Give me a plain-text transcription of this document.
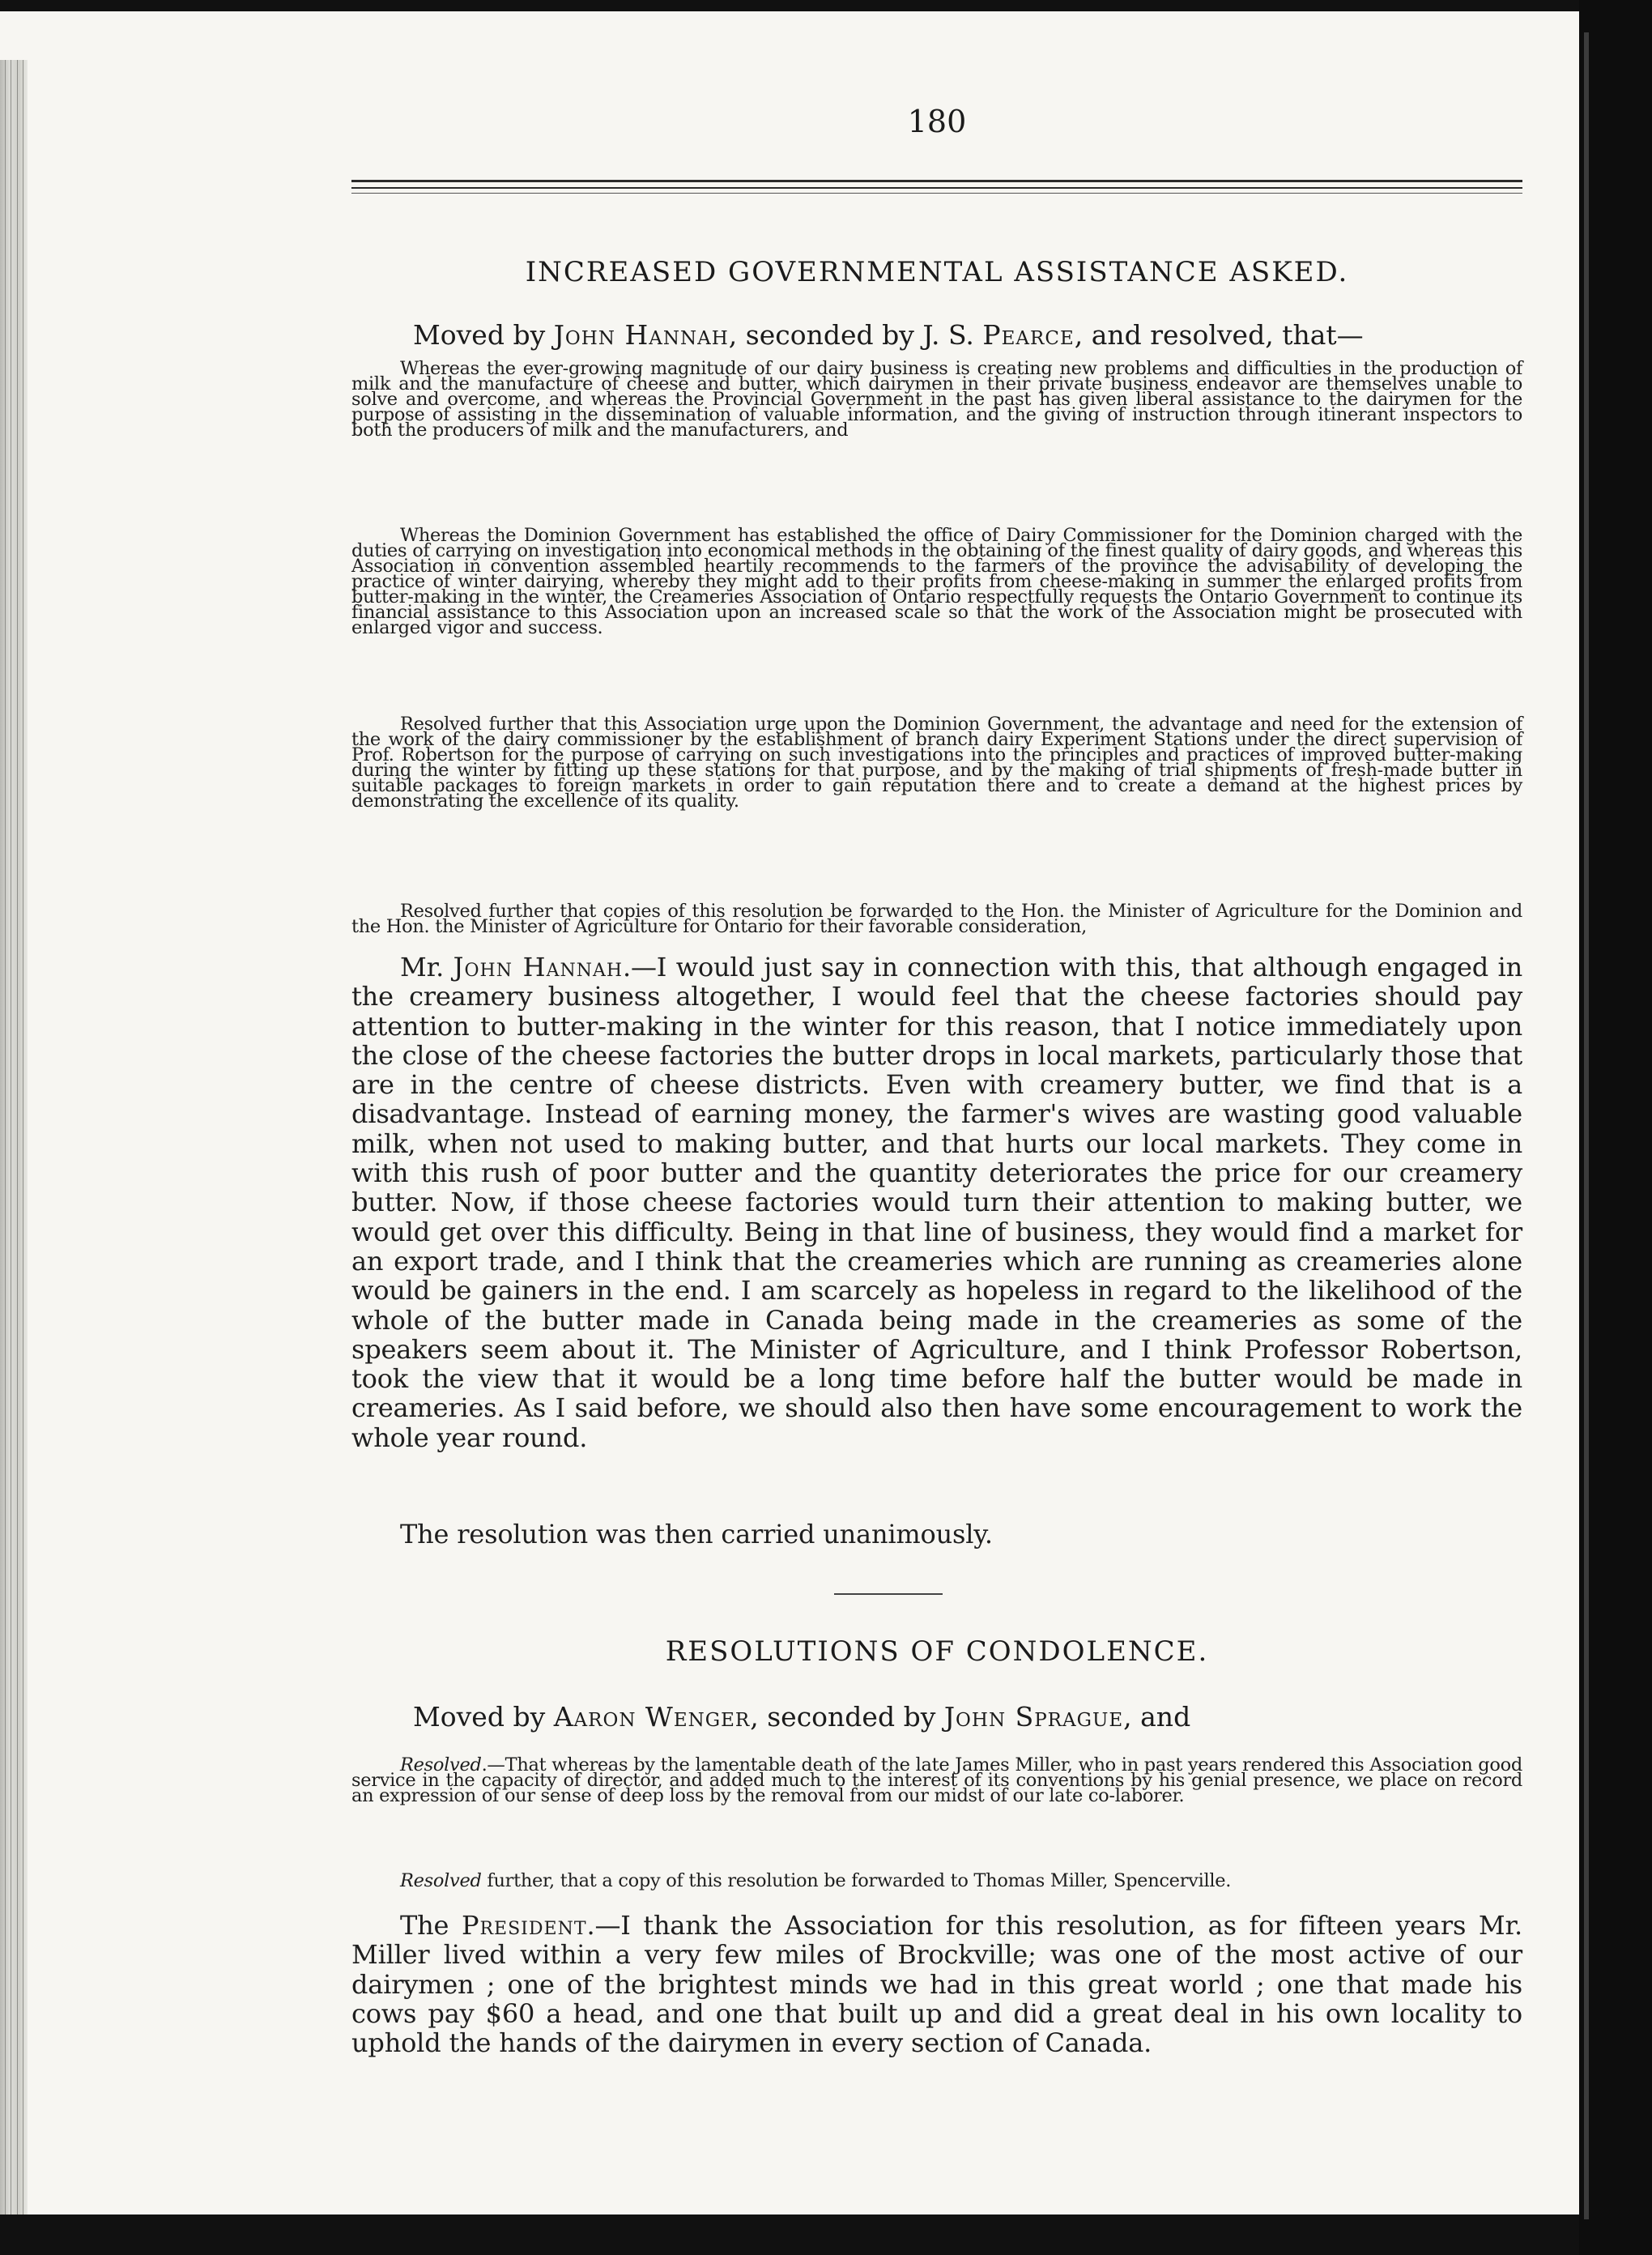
180
INCREASED GOVERNMENTAL ASSISTANCE ASKED.
Moved by John Hannah, seconded by J. S. Pearce, and resolved, that—

Whereas the ever-growing magnitude of our dairy business is creating new problems and difficulties in the production of milk and the manufacture of cheese and butter, which dairymen in their private business endeavor are themselves unable to solve and overcome, and whereas the Provincial Government in the past has given liberal assistance to the dairymen for the purpose of assisting in the dissemination of valuable information, and the giving of instruction through itinerant inspectors to both the producers of milk and the manufacturers, and

Whereas the Dominion Government has established the office of Dairy Commissioner for the Dominion charged with the duties of carrying on investigation into economical methods in the obtaining of the finest quality of dairy goods, and whereas this Association in convention assembled heartily recommends to the farmers of the province the advisability of developing the practice of winter dairying, whereby they might add to their profits from cheese-making in summer the enlarged profits from butter-making in the winter, the Creameries Association of Ontario respectfully requests the Ontario Government to continue its financial assistance to this Association upon an increased scale so that the work of the Association might be prosecuted with enlarged vigor and success.

Resolved further that this Association urge upon the Dominion Government, the advantage and need for the extension of the work of the dairy commissioner by the establishment of branch dairy Experiment Stations under the direct supervision of Prof. Robertson for the purpose of carrying on such investigations into the principles and practices of improved butter-making during the winter by fitting up these stations for that purpose, and by the making of trial shipments of fresh-made butter in suitable packages to foreign markets in order to gain reputation there and to create a demand at the highest prices by demonstrating the excellence of its quality.

Resolved further that copies of this resolution be forwarded to the Hon. the Minister of Agriculture for the Dominion and the Hon. the Minister of Agriculture for Ontario for their favorable consideration,

Mr. John Hannah.—I would just say in connection with this, that although engaged in the creamery business altogether, I would feel that the cheese factories should pay attention to butter-making in the winter for this reason, that I notice immediately upon the close of the cheese factories the butter drops in local markets, particularly those that are in the centre of cheese districts. Even with creamery butter, we find that is a disadvantage. Instead of earning money, the farmer's wives are wasting good valuable milk, when not used to making butter, and that hurts our local markets. They come in with this rush of poor butter and the quantity deteriorates the price for our creamery butter. Now, if those cheese factories would turn their attention to making butter, we would get over this difficulty. Being in that line of business, they would find a market for an export trade, and I think that the creameries which are running as creameries alone would be gainers in the end. I am scarcely as hopeless in regard to the likelihood of the whole of the butter made in Canada being made in the creameries as some of the speakers seem about it. The Minister of Agriculture, and I think Professor Robertson, took the view that it would be a long time before half the butter would be made in creameries. As I said before, we should also then have some encouragement to work the whole year round.

The resolution was then carried unanimously.

RESOLUTIONS OF CONDOLENCE.
Moved by Aaron Wenger, seconded by John Sprague, and

Resolved.—That whereas by the lamentable death of the late James Miller, who in past years rendered this Association good service in the capacity of director, and added much to the interest of its conventions by his genial presence, we place on record an expression of our sense of deep loss by the removal from our midst of our late co-laborer.

Resolved further, that a copy of this resolution be forwarded to Thomas Miller, Spencerville.

The President.—I thank the Association for this resolution, as for fifteen years Mr. Miller lived within a very few miles of Brockville; was one of the most active of our dairymen ; one of the brightest minds we had in this great world ; one that made his cows pay $60 a head, and one that built up and did a great deal in his own locality to uphold the hands of the dairymen in every section of Canada.
